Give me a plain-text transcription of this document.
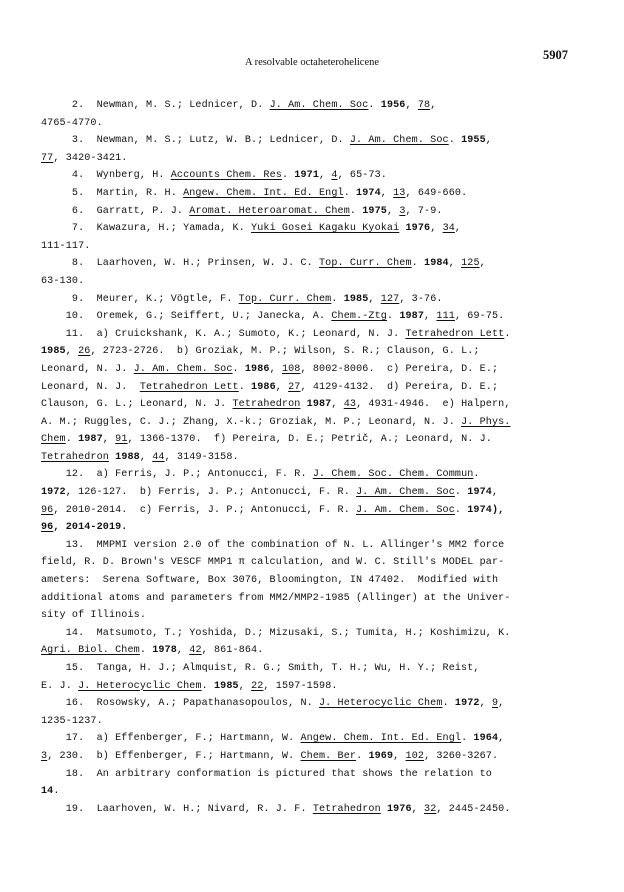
A resolvable octaheterohelicene
5907
2.  Newman, M. S.; Lednicer, D. J. Am. Chem. Soc. 1956, 78,
4765-4770.
3.  Newman, M. S.; Lutz, W. B.; Lednicer, D. J. Am. Chem. Soc. 1955,
77, 3420-3421.
4.  Wynberg, H. Accounts Chem. Res. 1971, 4, 65-73.
5.  Martin, R. H. Angew. Chem. Int. Ed. Engl. 1974, 13, 649-660.
6.  Garratt, P. J. Aromat. Heteroaromat. Chem. 1975, 3, 7-9.
7.  Kawazura, H.; Yamada, K. Yuki Gosei Kagaku Kyokai 1976, 34,
111-117.
8.  Laarhoven, W. H.; Prinsen, W. J. C. Top. Curr. Chem. 1984, 125,
63-130.
9.  Meurer, K.; Vögtle, F. Top. Curr. Chem. 1985, 127, 3-76.
10.  Oremek, G.; Seiffert, U.; Janecka, A. Chem.-Ztg. 1987, 111, 69-75.
11.  a) Cruickshank, K. A.; Sumoto, K.; Leonard, N. J. Tetrahedron Lett.
1985, 26, 2723-2726.  b) Groziak, M. P.; Wilson, S. R.; Clauson, G. L.;
Leonard, N. J. J. Am. Chem. Soc. 1986, 108, 8002-8006.  c) Pereira, D. E.;
Leonard, N. J.  Tetrahedron Lett. 1986, 27, 4129-4132.  d) Pereira, D. E.;
Clauson, G. L.; Leonard, N. J. Tetrahedron 1987, 43, 4931-4946.  e) Halpern,
A. M.; Ruggles, C. J.; Zhang, X.-k.; Groziak, M. P.; Leonard, N. J. J. Phys.
Chem. 1987, 91, 1366-1370.  f) Pereira, D. E.; Petrič, A.; Leonard, N. J.
Tetrahedron 1988, 44, 3149-3158.
12.  a) Ferris, J. P.; Antonucci, F. R. J. Chem. Soc. Chem. Commun.
1972, 126-127.  b) Ferris, J. P.; Antonucci, F. R. J. Am. Chem. Soc. 1974,
96, 2010-2014.  c) Ferris, J. P.; Antonucci, F. R. J. Am. Chem. Soc. 1974),
96, 2014-2019.
13.  MMPMI version 2.0 of the combination of N. L. Allinger's MM2 force
field, R. D. Brown's VESCF MMP1 π calculation, and W. C. Still's MODEL par-
ameters:  Serena Software, Box 3076, Bloomington, IN 47402.  Modified with
additional atoms and parameters from MM2/MMP2-1985 (Allinger) at the Univer-
sity of Illinois.
14.  Matsumoto, T.; Yoshida, D.; Mizusaki, S.; Tumita, H.; Koshimizu, K.
Agri. Biol. Chem. 1978, 42, 861-864.
15.  Tanga, H. J.; Almquist, R. G.; Smith, T. H.; Wu, H. Y.; Reist,
E. J. J. Heterocyclic Chem. 1985, 22, 1597-1598.
16.  Rosowsky, A.; Papathanasopoulos, N. J. Heterocyclic Chem. 1972, 9,
1235-1237.
17.  a) Effenberger, F.; Hartmann, W. Angew. Chem. Int. Ed. Engl. 1964,
3, 230.  b) Effenberger, F.; Hartmann, W. Chem. Ber. 1969, 102, 3260-3267.
18.  An arbitrary conformation is pictured that shows the relation to
14.
19.  Laarhoven, W. H.; Nivard, R. J. F. Tetrahedron 1976, 32, 2445-2450.
